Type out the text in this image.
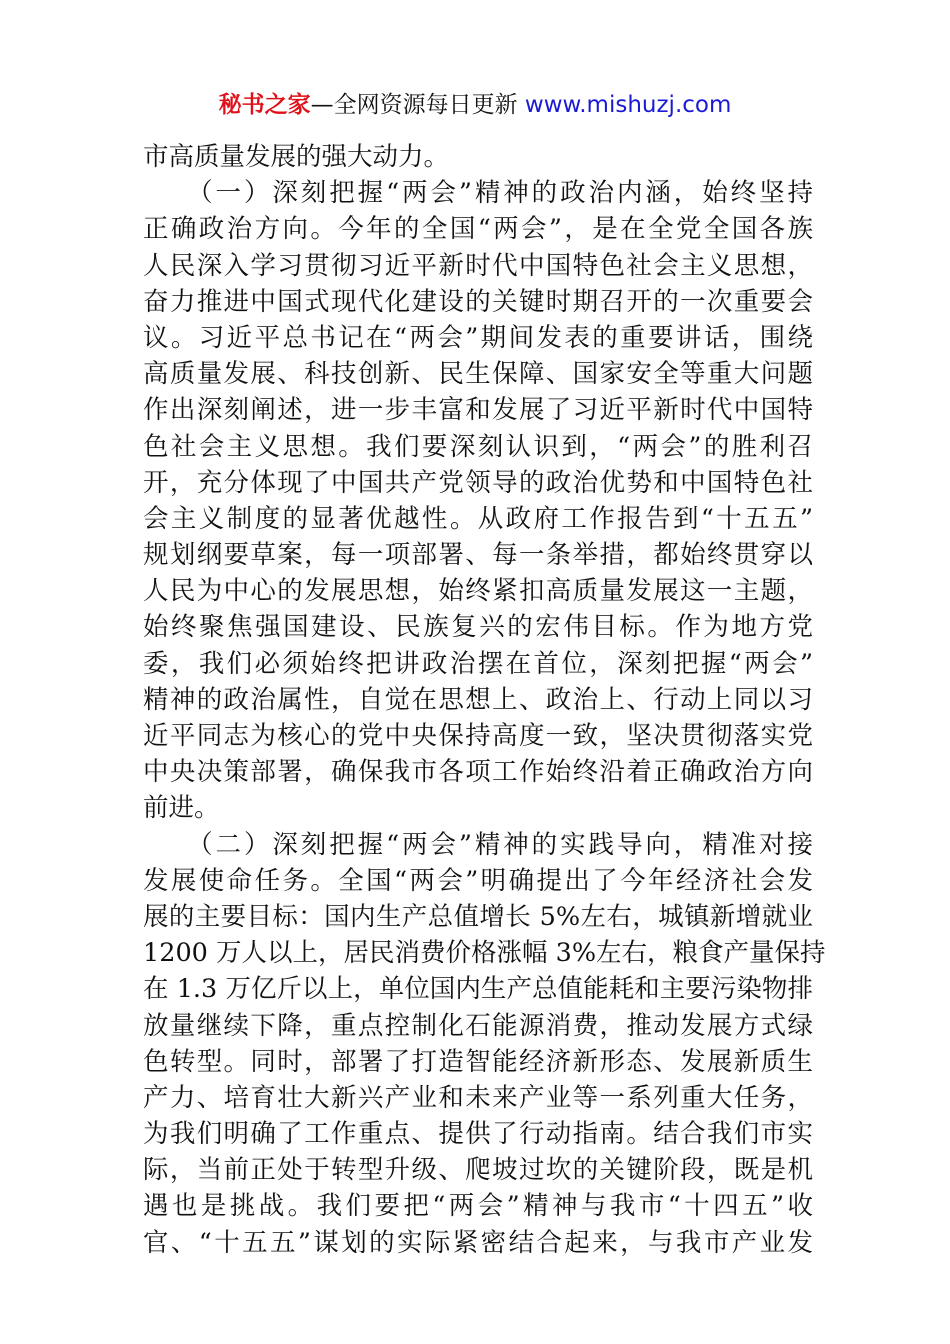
秘书之家—全网资源每日更新 www.mishuzj.com
市高质量发展的强大动力。
　　（一）深刻把握“两会”精神的政治内涵，始终坚持
正确政治方向。今年的全国“两会”，是在全党全国各族
人民深入学习贯彻习近平新时代中国特色社会主义思想，
奋力推进中国式现代化建设的关键时期召开的一次重要会
议。习近平总书记在“两会”期间发表的重要讲话，围绕
高质量发展、科技创新、民生保障、国家安全等重大问题
作出深刻阐述，进一步丰富和发展了习近平新时代中国特
色社会主义思想。我们要深刻认识到，“两会”的胜利召
开，充分体现了中国共产党领导的政治优势和中国特色社
会主义制度的显著优越性。从政府工作报告到“十五五”
规划纲要草案，每一项部署、每一条举措，都始终贯穿以
人民为中心的发展思想，始终紧扣高质量发展这一主题，
始终聚焦强国建设、民族复兴的宏伟目标。作为地方党
委，我们必须始终把讲政治摆在首位，深刻把握“两会”
精神的政治属性，自觉在思想上、政治上、行动上同以习
近平同志为核心的党中央保持高度一致，坚决贯彻落实党
中央决策部署，确保我市各项工作始终沿着正确政治方向
前进。
　　（二）深刻把握“两会”精神的实践导向，精准对接
发展使命任务。全国“两会”明确提出了今年经济社会发
展的主要目标：国内生产总值增长 5%左右，城镇新增就业
1200 万人以上，居民消费价格涨幅 3%左右，粮食产量保持
在 1.3 万亿斤以上，单位国内生产总值能耗和主要污染物排
放量继续下降，重点控制化石能源消费，推动发展方式绿
色转型。同时，部署了打造智能经济新形态、发展新质生
产力、培育壮大新兴产业和未来产业等一系列重大任务，
为我们明确了工作重点、提供了行动指南。结合我们市实
际，当前正处于转型升级、爬坡过坎的关键阶段，既是机
遇也是挑战。我们要把“两会”精神与我市“十四五”收
官、“十五五”谋划的实际紧密结合起来，与我市产业发
